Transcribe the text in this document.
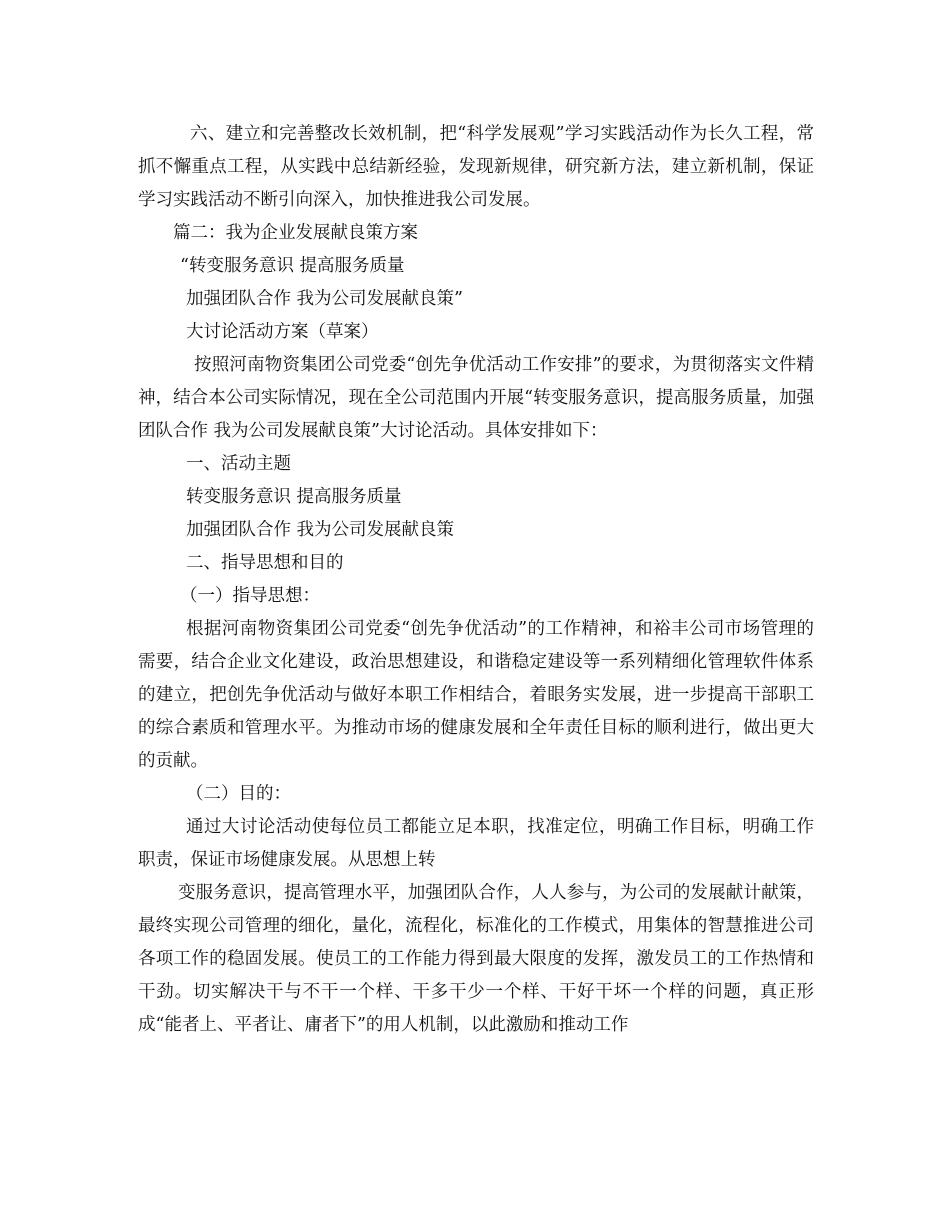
六、建立和完善整改长效机制，把“科学发展观”学习实践活动作为长久工程，常抓不懈重点工程，从实践中总结新经验，发现新规律，研究新方法，建立新机制，保证学习实践活动不断引向深入，加快推进我公司发展。

篇二：我为企业发展献良策方案

“转变服务意识 提高服务质量

加强团队合作 我为公司发展献良策”

大讨论活动方案（草案）

按照河南物资集团公司党委“创先争优活动工作安排”的要求，为贯彻落实文件精神，结合本公司实际情况，现在全公司范围内开展“转变服务意识，提高服务质量，加强团队合作 我为公司发展献良策”大讨论活动。具体安排如下：

一、活动主题

转变服务意识 提高服务质量

加强团队合作 我为公司发展献良策

二、指导思想和目的

（一）指导思想：

根据河南物资集团公司党委“创先争优活动”的工作精神，和裕丰公司市场管理的需要，结合企业文化建设，政治思想建设，和谐稳定建设等一系列精细化管理软件体系的建立，把创先争优活动与做好本职工作相结合，着眼务实发展，进一步提高干部职工的综合素质和管理水平。为推动市场的健康发展和全年责任目标的顺利进行，做出更大的贡献。

（二）目的：

通过大讨论活动使每位员工都能立足本职，找准定位，明确工作目标，明确工作职责，保证市场健康发展。从思想上转

变服务意识，提高管理水平，加强团队合作，人人参与，为公司的发展献计献策，最终实现公司管理的细化，量化，流程化，标准化的工作模式，用集体的智慧推进公司各项工作的稳固发展。使员工的工作能力得到最大限度的发挥，激发员工的工作热情和干劲。切实解决干与不干一个样、干多干少一个样、干好干坏一个样的问题，真正形成“能者上、平者让、庸者下”的用人机制，以此激励和推动工作
